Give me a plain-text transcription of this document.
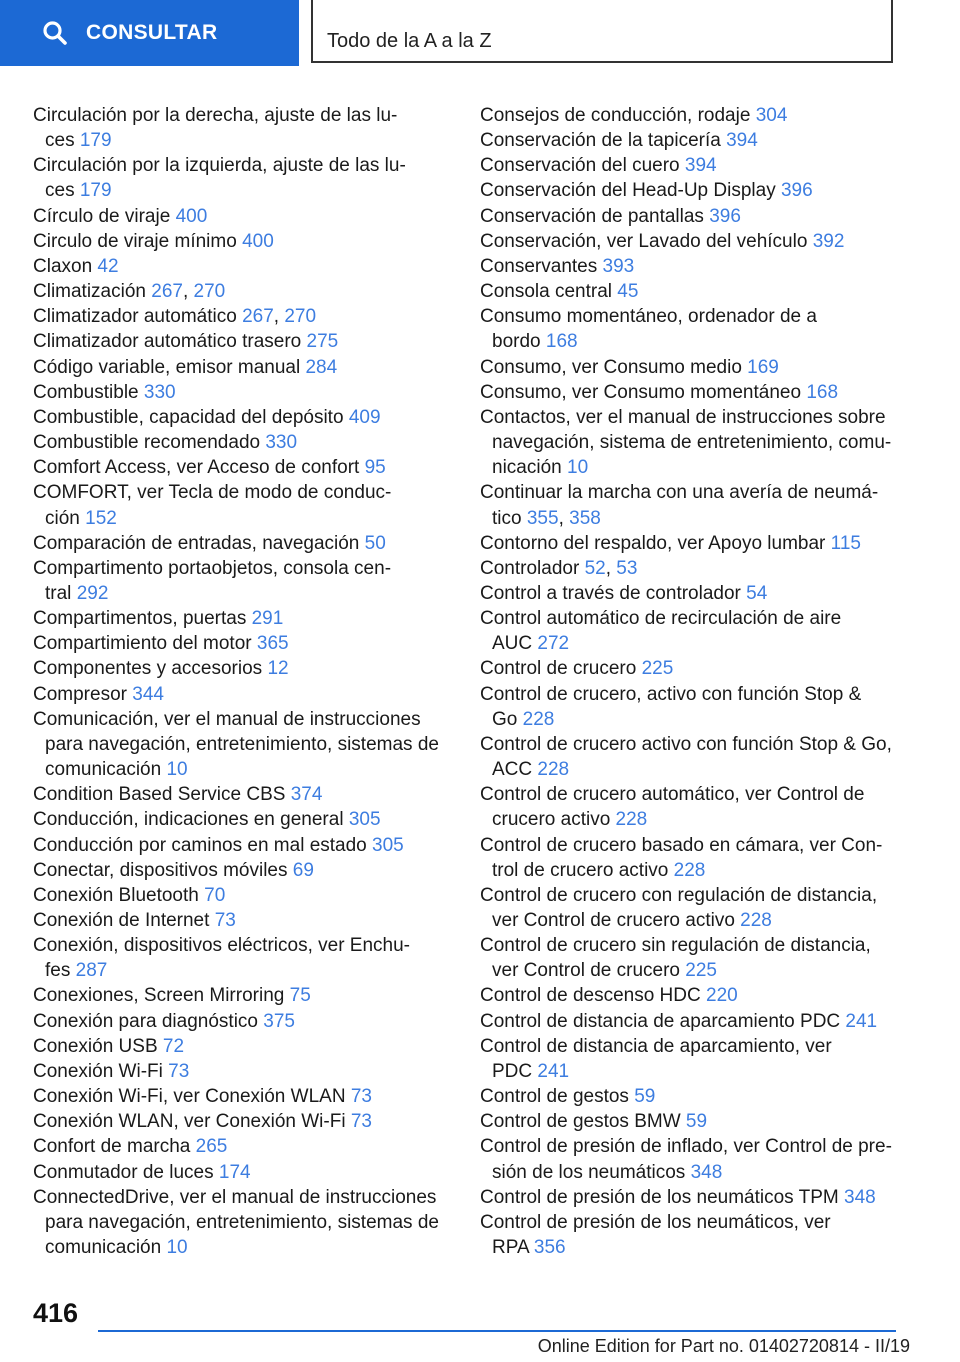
CONSULTAR	Todo de la A a la Z

Circulación por la derecha, ajuste de las lu-
ces 179

Circulación por la izquierda, ajuste de las lu-
ces 179

Círculo de viraje 400

Circulo de viraje mínimo 400

Claxon 42

Climatización 267, 270

Climatizador automático 267, 270

Climatizador automático trasero 275

Código variable, emisor manual 284

Combustible 330

Combustible, capacidad del depósito 409

Combustible recomendado 330

Comfort Access, ver Acceso de confort 95

COMFORT, ver Tecla de modo de conduc-
ción 152

Comparación de entradas, navegación 50

Compartimento portaobjetos, consola cen-
tral 292

Compartimentos, puertas 291

Compartimiento del motor 365

Componentes y accesorios 12

Compresor 344

Comunicación, ver el manual de instrucciones
para navegación, entretenimiento, sistemas de
comunicación 10

Condition Based Service CBS 374

Conducción, indicaciones en general 305

Conducción por caminos en mal estado 305

Conectar, dispositivos móviles 69

Conexión Bluetooth 70

Conexión de Internet 73

Conexión, dispositivos eléctricos, ver Enchu-
fes 287

Conexiones, Screen Mirroring 75

Conexión para diagnóstico 375

Conexión USB 72

Conexión Wi-Fi 73

Conexión Wi-Fi, ver Conexión WLAN 73

Conexión WLAN, ver Conexión Wi-Fi 73

Confort de marcha 265

Conmutador de luces 174

ConnectedDrive, ver el manual de instrucciones
para navegación, entretenimiento, sistemas de
comunicación 10

Consejos de conducción, rodaje 304

Conservación de la tapicería 394

Conservación del cuero 394

Conservación del Head-Up Display 396

Conservación de pantallas 396

Conservación, ver Lavado del vehículo 392

Conservantes 393

Consola central 45

Consumo momentáneo, ordenador de a
bordo 168

Consumo, ver Consumo medio 169

Consumo, ver Consumo momentáneo 168

Contactos, ver el manual de instrucciones sobre
navegación, sistema de entretenimiento, comu-
nicación 10

Continuar la marcha con una avería de neumá-
tico 355, 358

Contorno del respaldo, ver Apoyo lumbar 115

Controlador 52, 53

Control a través de controlador 54

Control automático de recirculación de aire
AUC 272

Control de crucero 225

Control de crucero, activo con función Stop &
Go 228

Control de crucero activo con función Stop & Go,
ACC 228

Control de crucero automático, ver Control de
crucero activo 228

Control de crucero basado en cámara, ver Con-
trol de crucero activo 228

Control de crucero con regulación de distancia,
ver Control de crucero activo 228

Control de crucero sin regulación de distancia,
ver Control de crucero 225

Control de descenso HDC 220

Control de distancia de aparcamiento PDC 241

Control de distancia de aparcamiento, ver
PDC 241

Control de gestos 59

Control de gestos BMW 59

Control de presión de inflado, ver Control de pre-
sión de los neumáticos 348

Control de presión de los neumáticos TPM 348

Control de presión de los neumáticos, ver
RPA 356

416
Online Edition for Part no. 01402720814 - II/19
